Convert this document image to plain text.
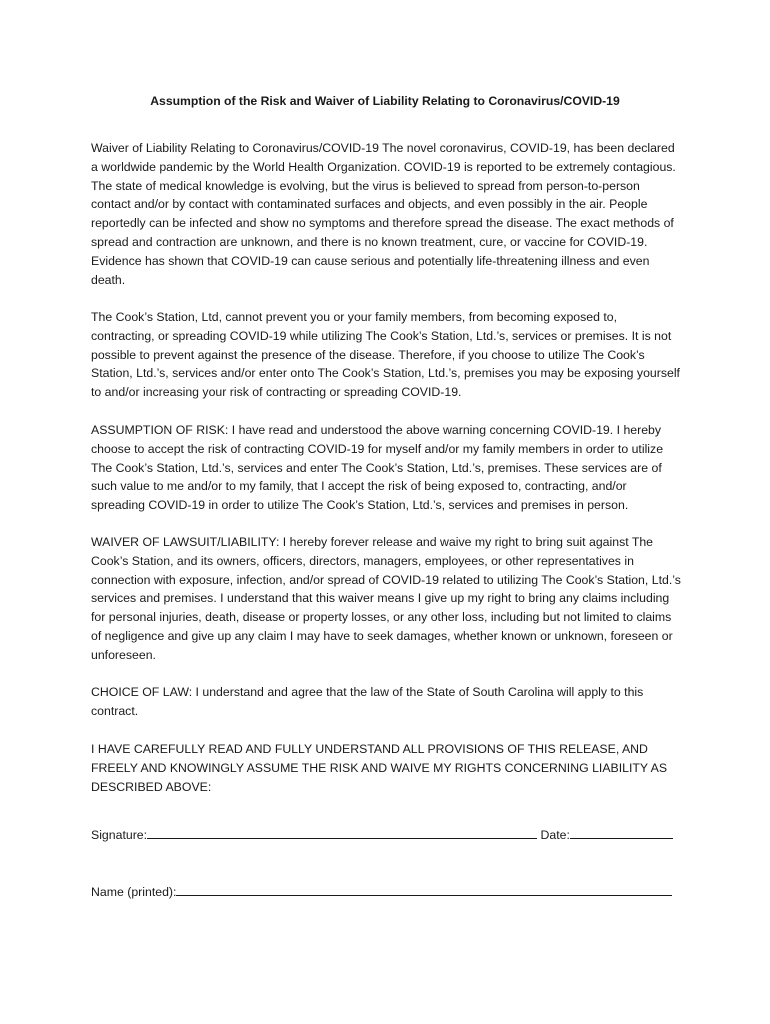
Assumption of the Risk and Waiver of Liability Relating to Coronavirus/COVID-19

Waiver of Liability Relating to Coronavirus/COVID-19 The novel coronavirus, COVID-19, has been declared a worldwide pandemic by the World Health Organization. COVID-19 is reported to be extremely contagious. The state of medical knowledge is evolving, but the virus is believed to spread from person-to-person contact and/or by contact with contaminated surfaces and objects, and even possibly in the air. People reportedly can be infected and show no symptoms and therefore spread the disease. The exact methods of spread and contraction are unknown, and there is no known treatment, cure, or vaccine for COVID-19. Evidence has shown that COVID-19 can cause serious and potentially life-threatening illness and even death.

The Cook’s Station, Ltd, cannot prevent you or your family members, from becoming exposed to, contracting, or spreading COVID-19 while utilizing The Cook’s Station, Ltd.’s, services or premises. It is not possible to prevent against the presence of the disease. Therefore, if you choose to utilize The Cook’s Station, Ltd.’s, services and/or enter onto The Cook’s Station, Ltd.’s, premises you may be exposing yourself to and/or increasing your risk of contracting or spreading COVID-19.

ASSUMPTION OF RISK: I have read and understood the above warning concerning COVID-19. I hereby choose to accept the risk of contracting COVID-19 for myself and/or my family members in order to utilize The Cook’s Station, Ltd.’s, services and enter The Cook’s Station, Ltd.’s, premises. These services are of such value to me and/or to my family, that I accept the risk of being exposed to, contracting, and/or spreading COVID-19 in order to utilize The Cook’s Station, Ltd.’s, services and premises in person.

WAIVER OF LAWSUIT/LIABILITY: I hereby forever release and waive my right to bring suit against The Cook’s Station, and its owners, officers, directors, managers, employees, or other representatives in connection with exposure, infection, and/or spread of COVID-19 related to utilizing The Cook’s Station, Ltd.’s services and premises. I understand that this waiver means I give up my right to bring any claims including for personal injuries, death, disease or property losses, or any other loss, including but not limited to claims of negligence and give up any claim I may have to seek damages, whether known or unknown, foreseen or unforeseen.

CHOICE OF LAW: I understand and agree that the law of the State of South Carolina will apply to this contract.

I HAVE CAREFULLY READ AND FULLY UNDERSTAND ALL PROVISIONS OF THIS RELEASE, AND FREELY AND KNOWINGLY ASSUME THE RISK AND WAIVE MY RIGHTS CONCERNING LIABILITY AS DESCRIBED ABOVE:

Signature:	Date:
Name (printed):
